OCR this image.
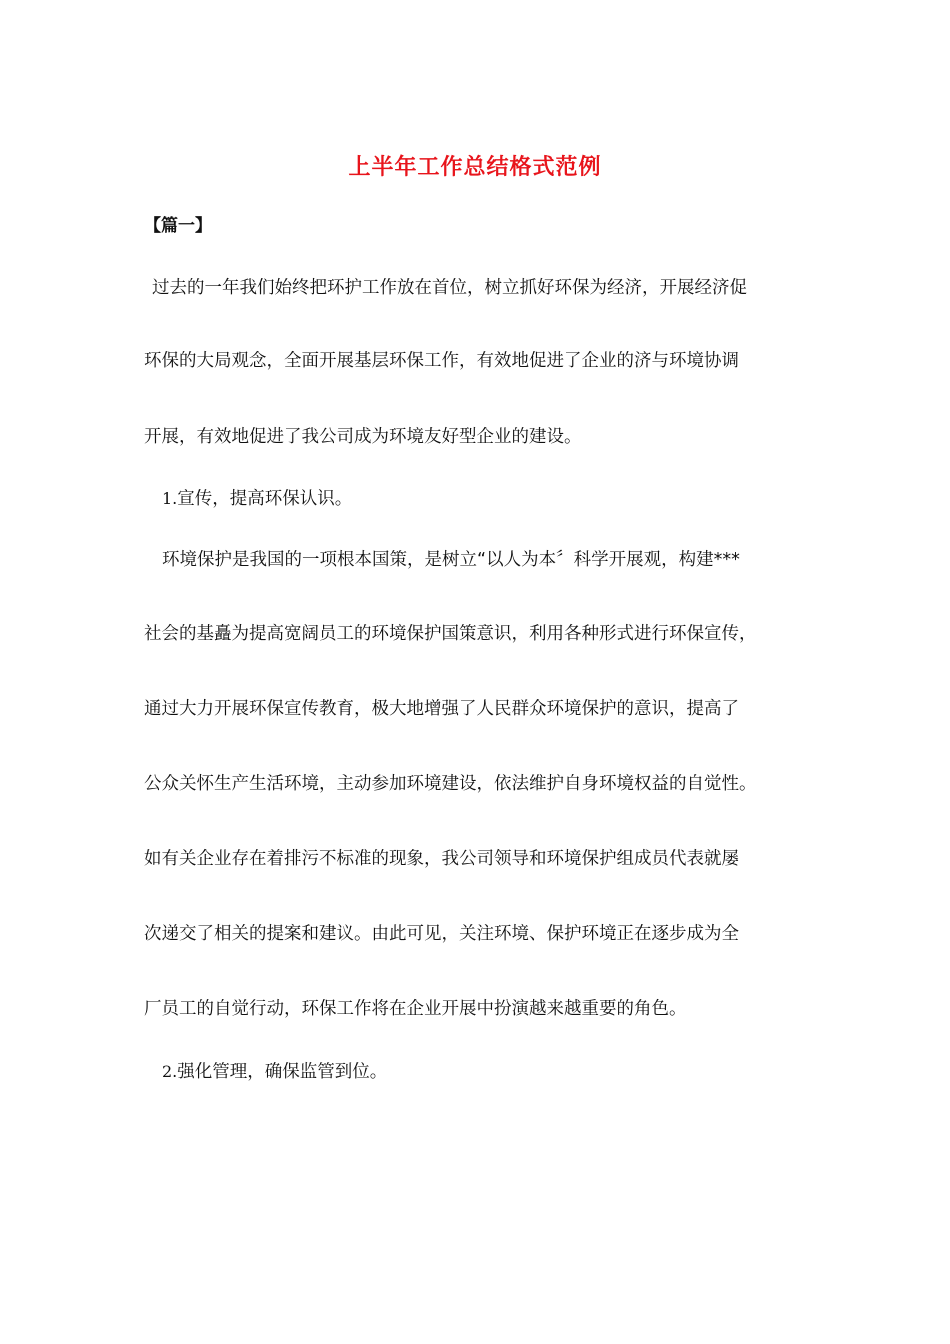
上半年工作总结格式范例
【篇一】
过去的一年我们始终把环护工作放在首位，树立抓好环保为经济，开展经济促
环保的大局观念，全面开展基层环保工作，有效地促进了企业的济与环境协调
开展，有效地促进了我公司成为环境友好型企业的建设。
1.宣传，提高环保认识。
环境保护是我国的一项根本国策，是树立“以人为本〞科学开展观，构建***
社会的基矗为提高宽阔员工的环境保护国策意识，利用各种形式进行环保宣传，
通过大力开展环保宣传教育，极大地增强了人民群众环境保护的意识，提高了
公众关怀生产生活环境，主动参加环境建设，依法维护自身环境权益的自觉性。
如有关企业存在着排污不标准的现象，我公司领导和环境保护组成员代表就屡
次递交了相关的提案和建议。由此可见，关注环境、保护环境正在逐步成为全
厂员工的自觉行动，环保工作将在企业开展中扮演越来越重要的角色。
2.强化管理，确保监管到位。
